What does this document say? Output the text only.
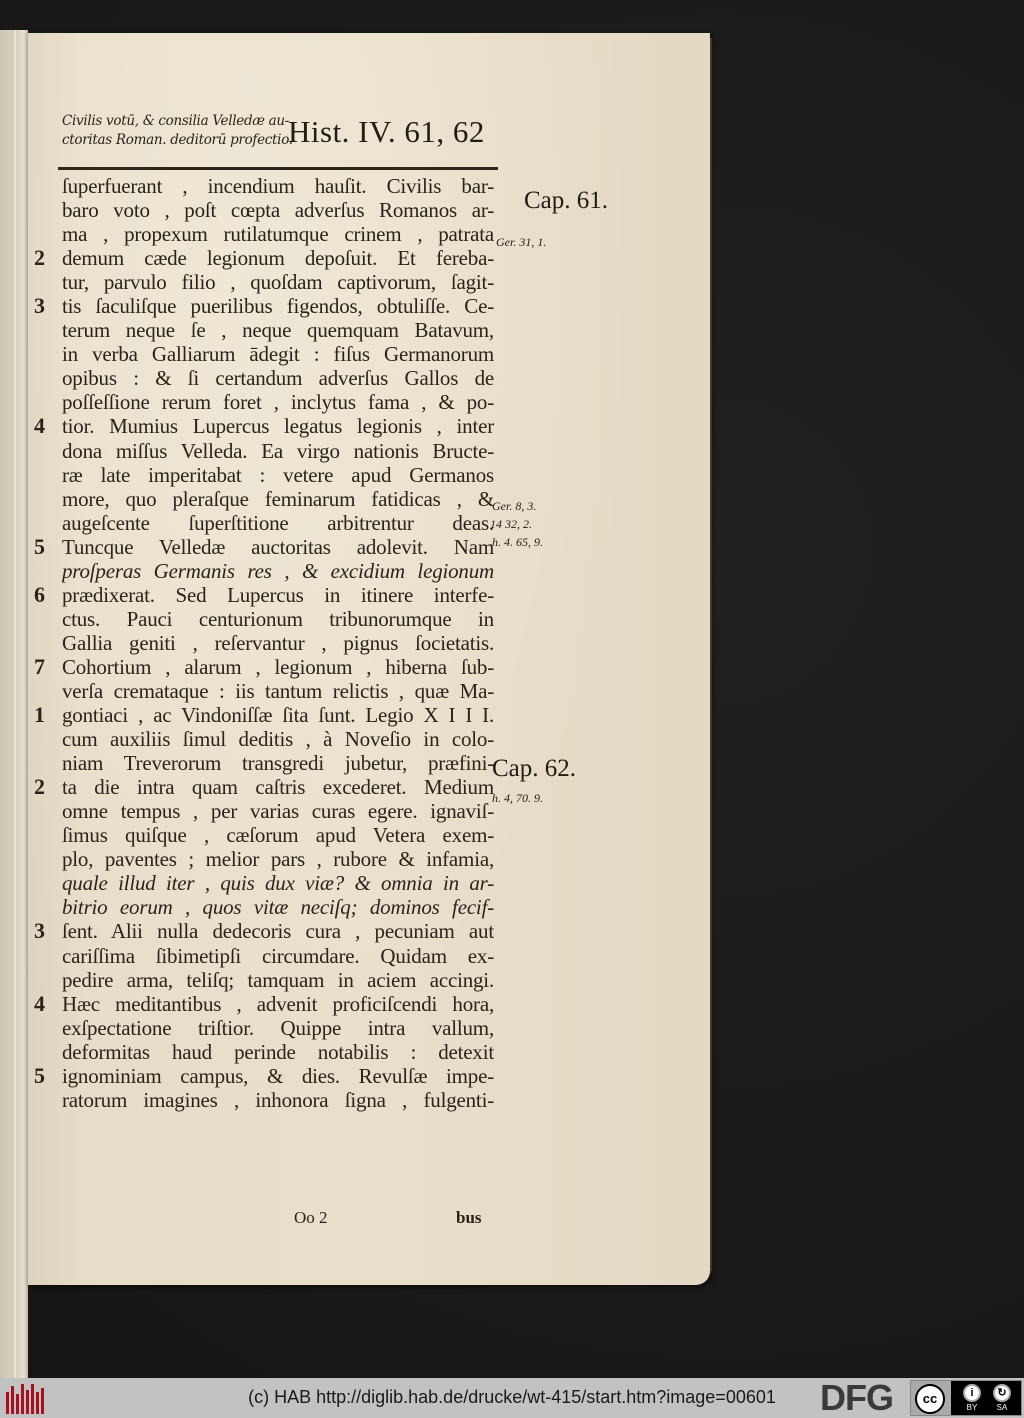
Civilis votū, & consilia Velledæ au-
ctoritas Roman. deditorū profectio.
Hist. IV. 61, 62
ſuperfuerant , incendium hauſit. Civilis bar-
baro voto , poſt cœpta adverſus Romanos ar-
ma , propexum rutilatumque crinem , patrata
2 demum cæde legionum depoſuit. Et fereba-
tur, parvulo filio , quoſdam captivorum, ſagit-
3 tis ſaculiſque puerilibus figendos, obtuliſſe. Ce-
terum neque ſe , neque quemquam Batavum,
in verba Galliarum ādegit : fiſus Germanorum
opibus : & ſi certandum adverſus Gallos de
poſſeſſione rerum foret , inclytus fama , & po-
4 tior. Mumius Lupercus legatus legionis , inter
dona miſſus Velleda. Ea virgo nationis Bructe-
ræ late imperitabat : vetere apud Germanos
more, quo pleraſque feminarum fatidicas , &
augeſcente ſuperſtitione arbitrentur deas.
5 Tuncque Velledæ auctoritas adolevit. Nam
proſperas Germanis res , & excidium legionum
6 prædixerat. Sed Lupercus in itinere interfe-
ctus. Pauci centurionum tribunorumque in
Gallia geniti , reſervantur , pignus ſocietatis.
7 Cohortium , alarum , legionum , hiberna ſub-
verſa cremataque : iis tantum relictis , quæ Ma-
1 gontiaci , ac Vindoniſſæ ſita ſunt. Legio X I I I.
cum auxiliis ſimul deditis , à Noveſio in colo-
niam Treverorum transgredi jubetur, præfini-
2 ta die intra quam caſtris excederet. Medium
omne tempus , per varias curas egere. ignaviſ-
ſimus quiſque , cæſorum apud Vetera exem-
plo, paventes ; melior pars , rubore & infamia,
quale illud iter , quis dux viæ? & omnia in ar-
bitrio eorum , quos vitæ neciſq; dominos fecif-
3 ſent. Alii nulla dedecoris cura , pecuniam aut
cariſſima ſibimetipſi circumdare. Quidam ex-
pedire arma, teliſq; tamquam in aciem accingi.
4 Hæc meditantibus , advenit proficiſcendi hora,
exſpectatione triſtior. Quippe intra vallum,
deformitas haud perinde notabilis : detexit
5 ignominiam campus, & dies. Revulſæ impe-
ratorum imagines , inhonora ſigna , fulgenti-
Cap. 61.
Ger. 31, 1.
Ger. 8, 3.
14 32, 2.
h. 4. 65, 9.
Cap. 62.
h. 4, 70. 9.
Oo 2	bus
(c) HAB http://diglib.hab.de/drucke/wt-415/start.htm?image=00601	DFG	cc	i	↻
BY	SA
